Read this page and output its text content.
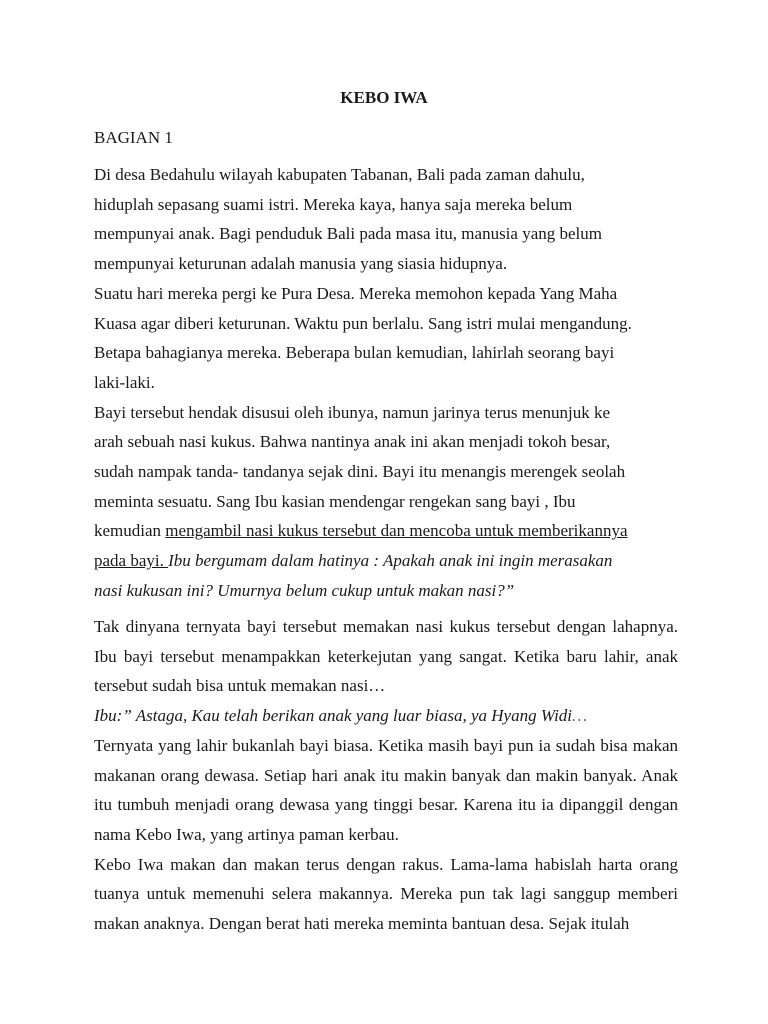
KEBO IWA
BAGIAN 1

Di desa Bedahulu wilayah kabupaten Tabanan, Bali pada zaman dahulu,
hiduplah sepasang suami istri. Mereka kaya, hanya saja mereka belum
mempunyai anak. Bagi penduduk Bali pada masa itu, manusia yang belum
mempunyai keturunan adalah manusia yang siasia hidupnya.

Suatu hari mereka pergi ke Pura Desa. Mereka memohon kepada Yang Maha
Kuasa agar diberi keturunan. Waktu pun berlalu. Sang istri mulai mengandung.
Betapa bahagianya mereka. Beberapa bulan kemudian, lahirlah seorang bayi
laki-laki.

Bayi tersebut hendak disusui oleh ibunya, namun jarinya terus menunjuk ke
arah sebuah nasi kukus. Bahwa nantinya anak ini akan menjadi tokoh besar,
sudah nampak tanda- tandanya sejak dini. Bayi itu menangis merengek seolah
meminta sesuatu. Sang Ibu kasian mendengar rengekan sang bayi , Ibu
kemudian mengambil nasi kukus tersebut dan mencoba untuk memberikannya
pada bayi. Ibu bergumam dalam hatinya : Apakah anak ini ingin merasakan
nasi kukusan ini? Umurnya belum cukup untuk makan nasi?”

Tak dinyana ternyata bayi tersebut memakan nasi kukus tersebut dengan lahapnya. Ibu bayi tersebut menampakkan keterkejutan yang sangat. Ketika baru lahir, anak tersebut sudah bisa untuk memakan nasi…

Ibu:” Astaga, Kau telah berikan anak yang luar biasa, ya Hyang Widi…

Ternyata yang lahir bukanlah bayi biasa. Ketika masih bayi pun ia sudah bisa makan makanan orang dewasa. Setiap hari anak itu makin banyak dan makin banyak. Anak itu tumbuh menjadi orang dewasa yang tinggi besar. Karena itu ia dipanggil dengan nama Kebo Iwa, yang artinya paman kerbau.

Kebo Iwa makan dan makan terus dengan rakus. Lama-lama habislah harta orang tuanya untuk memenuhi selera makannya. Mereka pun tak lagi sanggup memberi makan anaknya. Dengan berat hati mereka meminta bantuan desa. Sejak itulah
